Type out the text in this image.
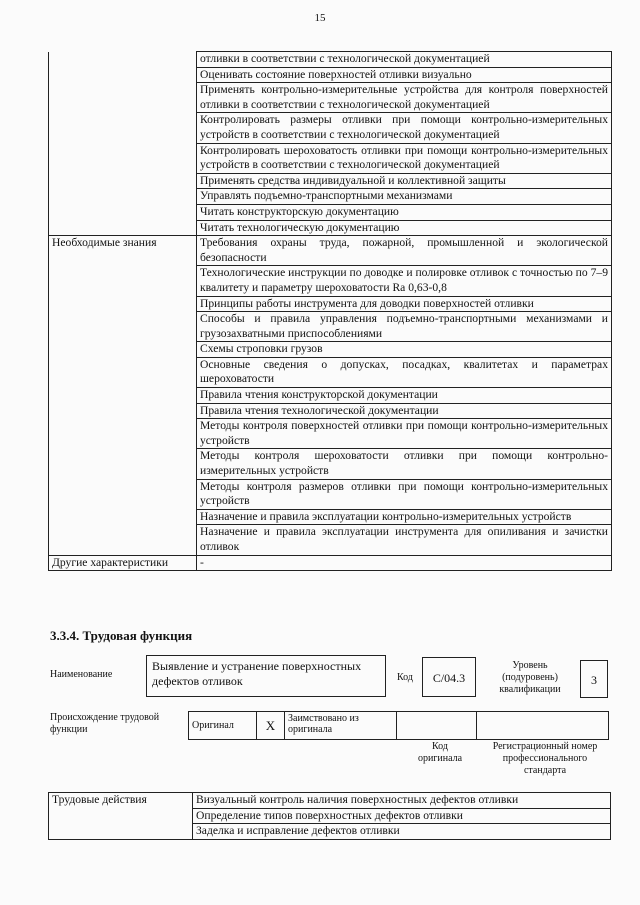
15
	отливки в соответствии с технологической документацией
	Оценивать состояние поверхностей отливки визуально
	Применять контрольно-измерительные устройства для контроля поверхностей отливки в соответствии с технологической документацией
	Контролировать размеры отливки при помощи контрольно-измерительных устройств в соответствии с технологической документацией
	Контролировать шероховатость отливки при помощи контрольно-измерительных устройств в соответствии с технологической документацией
	Применять средства индивидуальной и коллективной защиты
	Управлять подъемно-транспортными механизмами
	Читать конструкторскую документацию
	Читать технологическую документацию
Необходимые знания	Требования охраны труда, пожарной, промышленной и экологической безопасности
	Технологические инструкции по доводке и полировке отливок с точностью по 7–9 квалитету и параметру шероховатости Ra 0,63-0,8
	Принципы работы инструмента для доводки поверхностей отливки
	Способы и правила управления подъемно-транспортными механизмами и грузозахватными приспособлениями
	Схемы строповки грузов
	Основные сведения о допусках, посадках, квалитетах и параметрах шероховатости
	Правила чтения конструкторской документации
	Правила чтения технологической документации
	Методы контроля поверхностей отливки при помощи контрольно-измерительных устройств
	Методы контроля шероховатости отливки при помощи контрольно-измерительных устройств
	Методы контроля размеров отливки при помощи контрольно-измерительных устройств
	Назначение и правила эксплуатации контрольно-измерительных устройств
	Назначение и правила эксплуатации инструмента для опиливания и зачистки отливок
Другие характеристики	-
3.3.4. Трудовая функция
Наименование
Выявление и устранение поверхностных дефектов отливок	Код	С/04.3
Уровень (подуровень) квалификации
3
Происхождение трудовой функции	Оригинал	X	Заимствовано из оригинала		
Код оригинала
Регистрационный номер профессионального стандарта
Трудовые действия	Визуальный контроль наличия поверхностных дефектов отливки
Определение типов поверхностных дефектов отливки
Заделка и исправление дефектов отливки
